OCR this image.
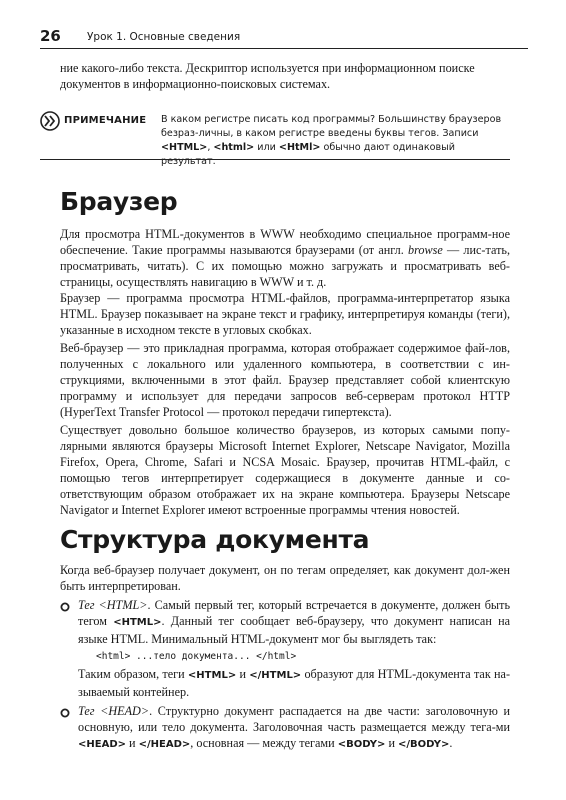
26 Урок 1. Основные сведения

ние какого-либо текста. Дескриптор используется при информационном поиске
документов в информационно-поисковых системах.

ПРИМЕЧАНИЕ В каком регистре писать код программы? Большинству браузеров безраз-личны, в каком регистре введены буквы тегов. Записи <HTML>, <html> или <HtMl> обычно дают одинаковый результат.

Браузер

Для просмотра HTML-документов в WWW необходимо специальное программ-ное обеспечение. Такие программы называются браузерами (от англ. browse — лис-тать, просматривать, читать). С их помощью можно загружать и просматривать веб-страницы, осуществлять навигацию в WWW и т. д.

Браузер — программа просмотра HTML-файлов, программа-интерпретатор языка HTML. Браузер показывает на экране текст и графику, интерпретируя команды (теги), указанные в исходном тексте в угловых скобках.

Веб-браузер — это прикладная программа, которая отображает содержимое фай-лов, полученных с локального или удаленного компьютера, в соответствии с ин-струкциями, включенными в этот файл. Браузер представляет собой клиентскую программу и использует для передачи запросов веб-серверам протокол HTTP (HyperText Transfer Protocol — протокол передачи гипертекста).

Существует довольно большое количество браузеров, из которых самыми попу-лярными являются браузеры Microsoft Internet Explorer, Netscape Navigator, Mozilla Firefox, Opera, Chrome, Safari и NCSA Mosaic. Браузер, прочитав HTML-файл, с помощью тегов интерпретирует содержащиеся в документе данные и со-ответствующим образом отображает их на экране компьютера. Браузеры Netscape Navigator и Internet Explorer имеют встроенные программы чтения новостей.

Структура документа

Когда веб-браузер получает документ, он по тегам определяет, как документ дол-жен быть интерпретирован.

Тег <HTML>. Самый первый тег, который встречается в документе, должен быть тегом <HTML>. Данный тег сообщает веб-браузеру, что документ написан на языке HTML. Минимальный HTML-документ мог бы выглядеть так:

<html> ...тело документа... </html>

Таким образом, теги <HTML> и </HTML> образуют для HTML-документа так на-зываемый контейнер.

Тег <HEAD>. Структурно документ распадается на две части: заголовочную и основную, или тело документа. Заголовочная часть размещается между тега-ми <HEAD> и </HEAD>, основная — между тегами <BODY> и </BODY>.
